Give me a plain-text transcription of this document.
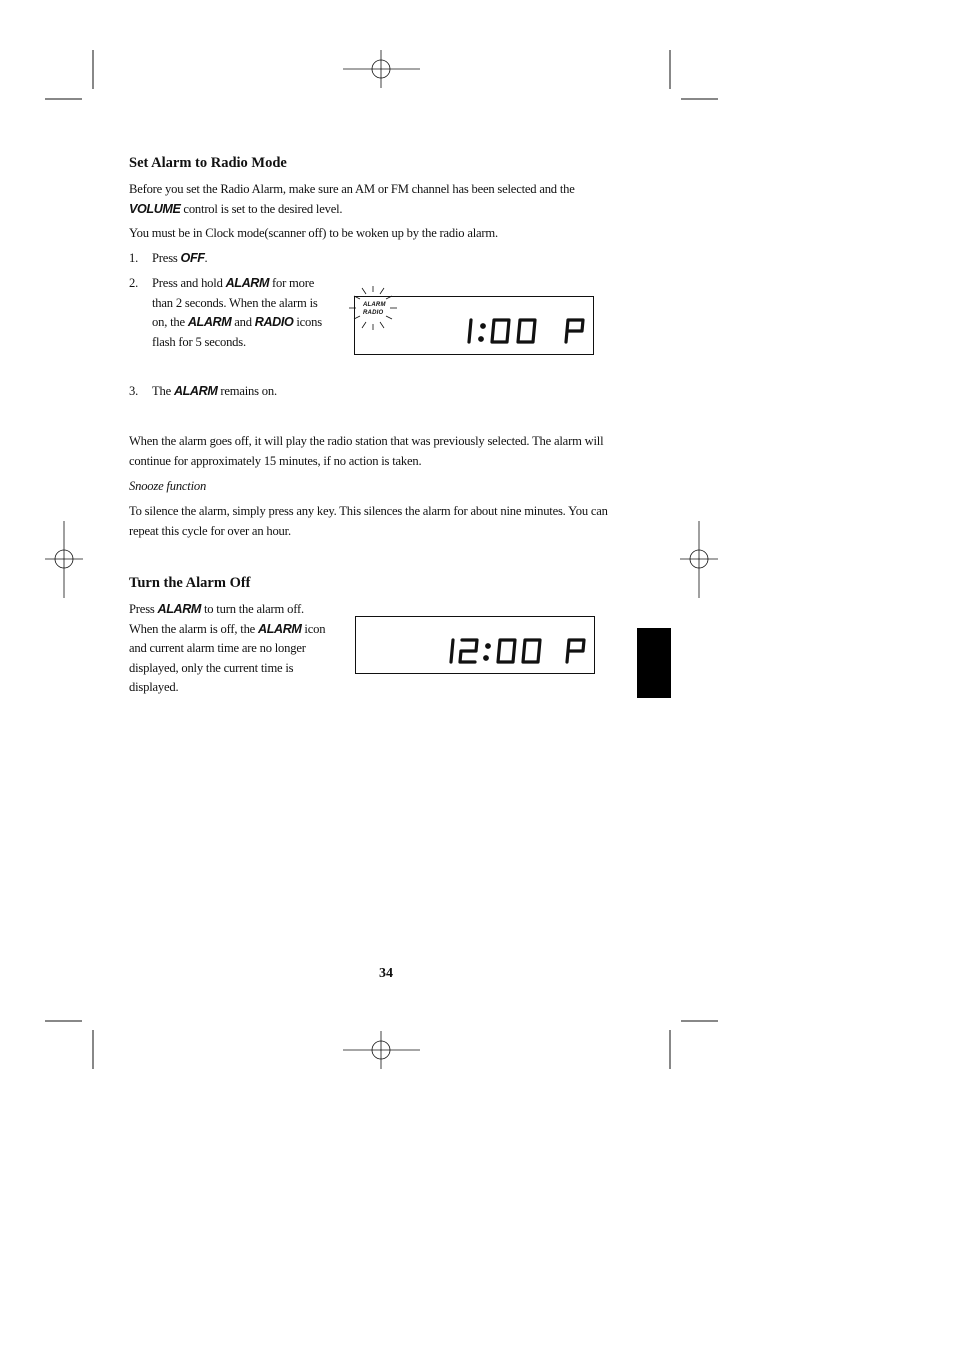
Set Alarm to Radio Mode
Before you set the Radio Alarm, make sure an AM or FM channel has been selected and the
VOLUME control is set to the desired level.
You must be in Clock mode(scanner off) to be woken up by the radio alarm.
1. Press OFF.
2. Press and hold ALARM for more
than 2 seconds. When the alarm is
on, the ALARM and RADIO icons
flash for 5 seconds.
ALARM
RADIO
3. The ALARM remains on.
When the alarm goes off, it will play the radio station that was previously selected. The alarm will
continue for approximately 15 minutes, if no action is taken.
Snooze function
To silence the alarm, simply press any key. This silences the alarm for about nine minutes. You can
repeat this cycle for over an hour.
Turn the Alarm Off
Press ALARM to turn the alarm off.
When the alarm is off, the ALARM icon
and current alarm time are no longer
displayed, only the current time is
displayed.
34
